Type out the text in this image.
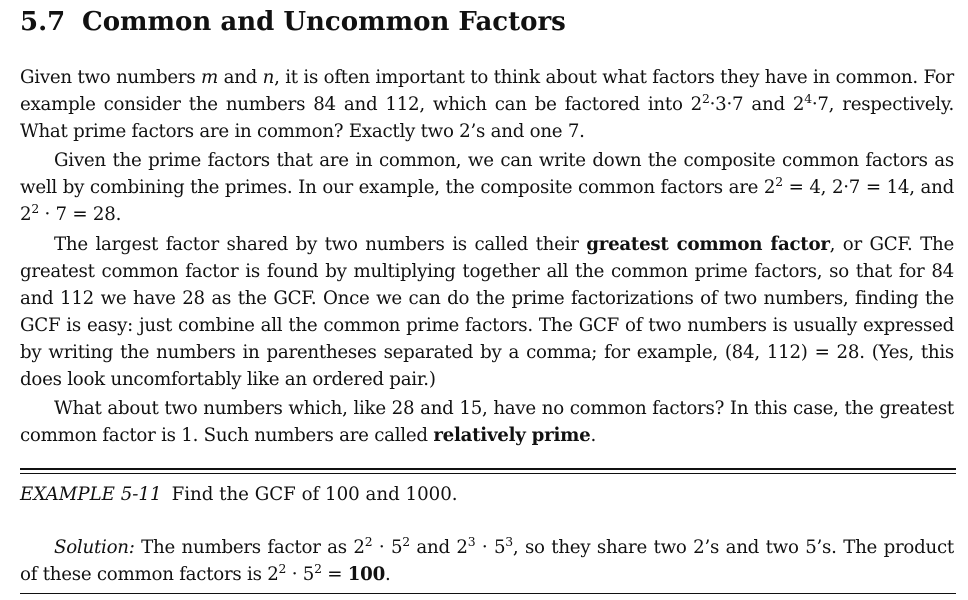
5.7 Common and Uncommon Factors

Given two numbers m and n, it is often important to think about what factors they have in common. For example consider the numbers 84 and 112, which can be factored into $2^2\cdot 3\cdot 7$ and $2^4\cdot 7$, respectively. What prime factors are in common? Exactly two 2’s and one 7.

Given the prime factors that are in common, we can write down the composite common factors as well by combining the primes. In our example, the composite common factors are $2^2 = 4$, 2·7 = 14, and $2^2 \cdot 7 = 28$.

The largest factor shared by two numbers is called their greatest common factor, or GCF. The greatest common factor is found by multiplying together all the common prime factors, so that for 84 and 112 we have 28 as the GCF. Once we can do the prime factorizations of two numbers, finding the GCF is easy: just combine all the common prime factors. The GCF of two numbers is usually expressed by writing the numbers in parentheses separated by a comma; for example, (84, 112) = 28. (Yes, this does look uncomfortably like an ordered pair.)

What about two numbers which, like 28 and 15, have no common factors? In this case, the greatest common factor is 1. Such numbers are called relatively prime.

EXAMPLE 5-11 Find the GCF of 100 and 1000.

Solution: The numbers factor as $2^2 \cdot 5^2$ and $2^3 \cdot 5^3$, so they share two 2’s and two 5’s. The product of these common factors is $2^2 \cdot 5^2 = 100$.
